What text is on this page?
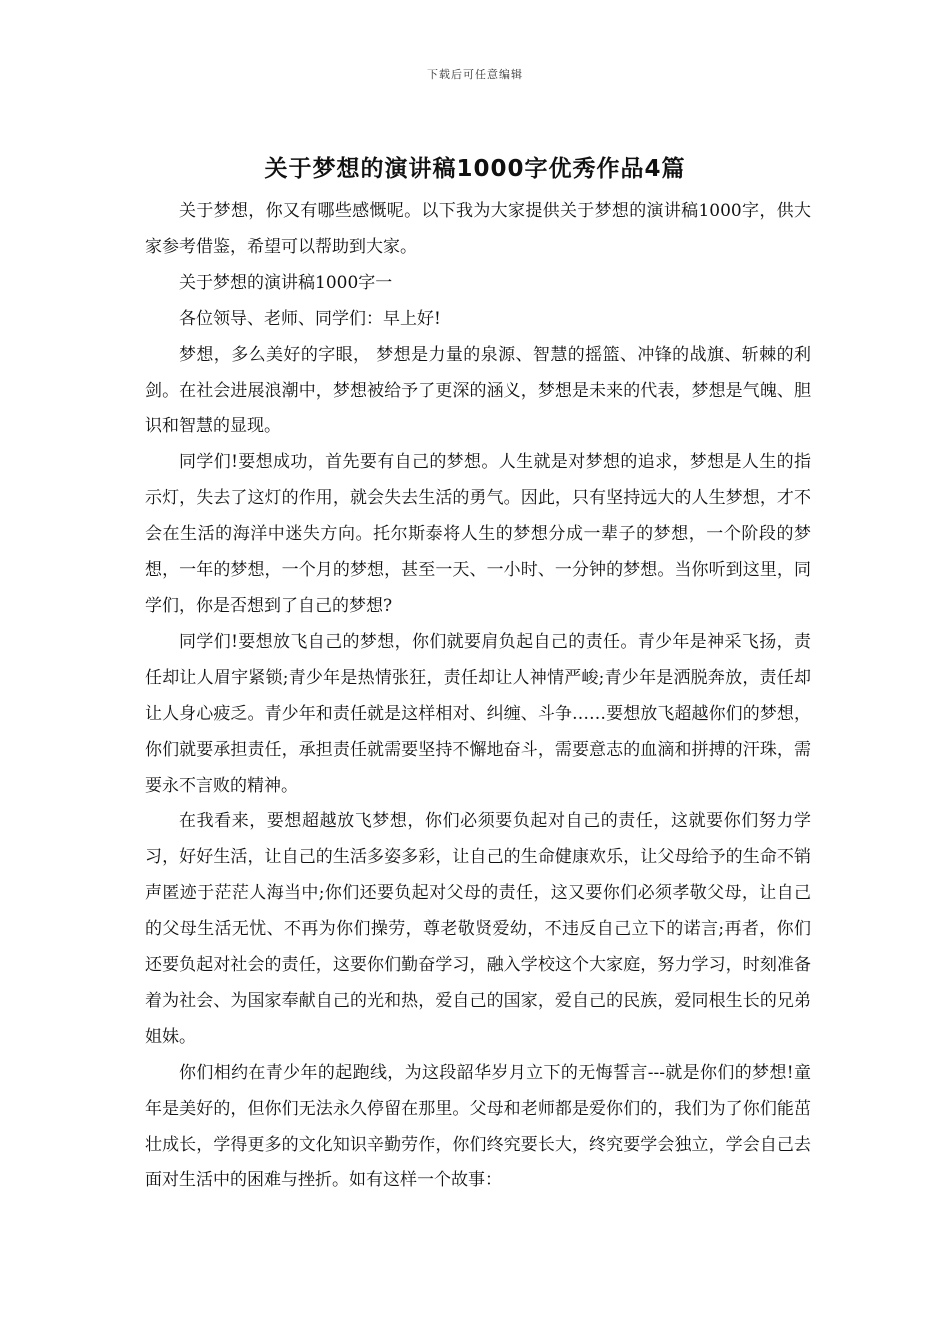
下载后可任意编辑
关于梦想的演讲稿1000字优秀作品4篇

关于梦想，你又有哪些感慨呢。以下我为大家提供关于梦想的演讲稿1000字，供大家参考借鉴，希望可以帮助到大家。

关于梦想的演讲稿1000字一

各位领导、老师、同学们：早上好!

梦想，多么美好的字眼， 梦想是力量的泉源、智慧的摇篮、冲锋的战旗、斩棘的利剑。在社会进展浪潮中，梦想被给予了更深的涵义，梦想是未来的代表，梦想是气魄、胆识和智慧的显现。

同学们!要想成功，首先要有自己的梦想。人生就是对梦想的追求，梦想是人生的指示灯，失去了这灯的作用，就会失去生活的勇气。因此，只有坚持远大的人生梦想，才不会在生活的海洋中迷失方向。托尔斯泰将人生的梦想分成一辈子的梦想，一个阶段的梦想，一年的梦想，一个月的梦想，甚至一天、一小时、一分钟的梦想。当你听到这里，同学们，你是否想到了自己的梦想?

同学们!要想放飞自己的梦想，你们就要肩负起自己的责任。青少年是神采飞扬，责任却让人眉宇紧锁;青少年是热情张狂，责任却让人神情严峻;青少年是洒脱奔放，责任却让人身心疲乏。青少年和责任就是这样相对、纠缠、斗争……要想放飞超越你们的梦想，你们就要承担责任，承担责任就需要坚持不懈地奋斗，需要意志的血滴和拼搏的汗珠，需要永不言败的精神。

在我看来，要想超越放飞梦想，你们必须要负起对自己的责任，这就要你们努力学习，好好生活，让自己的生活多姿多彩，让自己的生命健康欢乐，让父母给予的生命不销声匿迹于茫茫人海当中;你们还要负起对父母的责任，这又要你们必须孝敬父母，让自己的父母生活无忧、不再为你们操劳，尊老敬贤爱幼，不违反自己立下的诺言;再者，你们还要负起对社会的责任，这要你们勤奋学习，融入学校这个大家庭，努力学习，时刻准备着为社会、为国家奉献自己的光和热，爱自己的国家，爱自己的民族，爱同根生长的兄弟姐妹。

你们相约在青少年的起跑线，为这段韶华岁月立下的无悔誓言---就是你们的梦想!童年是美好的，但你们无法永久停留在那里。父母和老师都是爱你们的，我们为了你们能茁壮成长，学得更多的文化知识辛勤劳作，你们终究要长大，终究要学会独立，学会自己去面对生活中的困难与挫折。如有这样一个故事：
